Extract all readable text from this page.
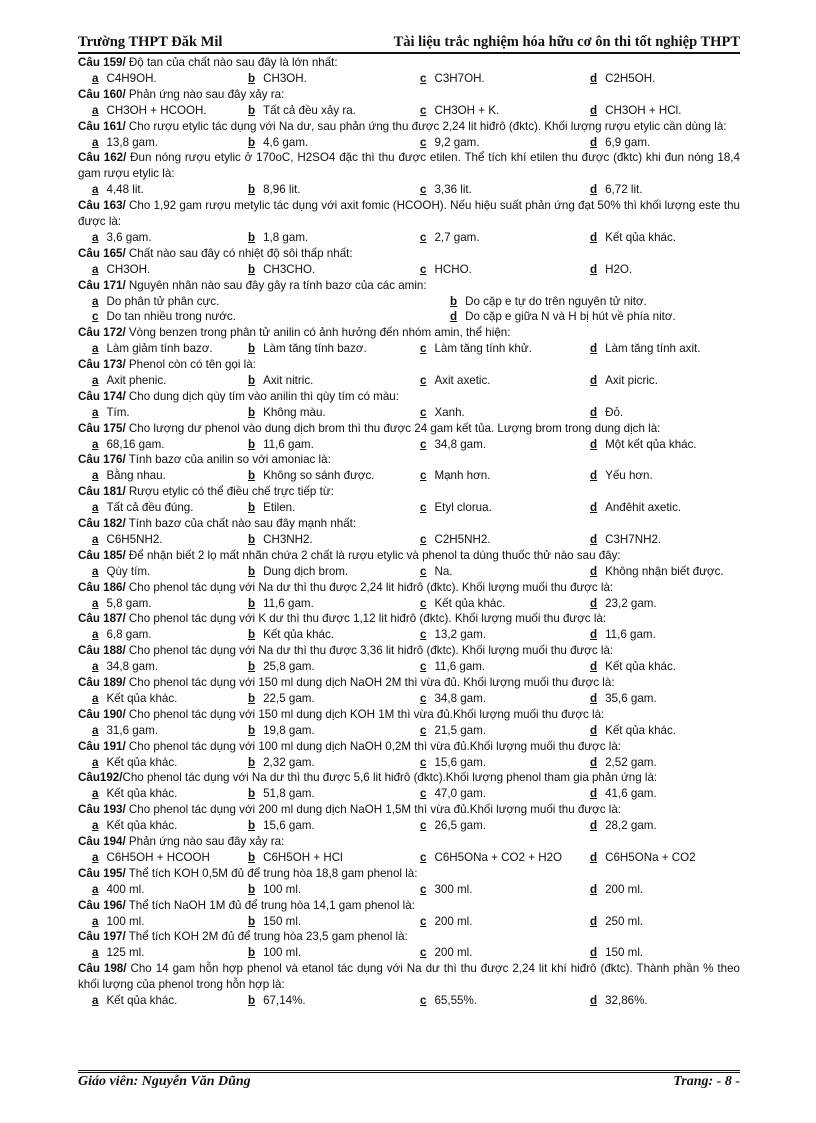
Trường THPT Đăk Mil	Tài liệu trắc nghiệm hóa hữu cơ ôn thi tốt nghiệp THPT
Câu 159/ Độ tan của chất nào sau đây là lớn nhất:
a C4H9OH.	b CH3OH.	c C3H7OH.	d C2H5OH.
Câu 160/ Phản ứng nào sau đây xảy ra:
a CH3OH + HCOOH.	b Tất cả đều xảy ra.	c CH3OH + K.	d CH3OH + HCl.
Câu 161/ Cho rượu etylic tác dụng với Na dư, sau phản ứng thu được 2,24 lit hiđrô (đktc). Khối lượng rượu etylic cần dùng là:
a 13,8 gam.	b 4,6 gam.	c 9,2 gam.	d 6,9 gam.
Câu 162/ Đun nóng rượu etylic ở 170oC, H2SO4 đặc thì thu được etilen. Thể tích khí etilen thu được (đktc) khi đun nóng 18,4 gam rượu etylic là:
a 4,48 lit.	b 8,96 lit.	c 3,36 lit.	d 6,72 lit.
Câu 163/ Cho 1,92 gam rượu metylic tác dụng với axit fomic (HCOOH). Nếu hiệu suất phản ứng đạt 50% thì khối lượng este thu được là:
a 3,6 gam.	b 1,8 gam.	c 2,7 gam.	d Kết qủa khác.
Câu 165/ Chất nào sau đây có nhiệt độ sôi thấp nhất:
a CH3OH.	b CH3CHO.	c HCHO.	d H2O.
Câu 171/ Nguyên nhân nào sau đây gây ra tính bazơ của các amin:
a Do phân tử phân cực.	b Do cặp e tự do trên nguyên tử nitơ.
c Do tan nhiều trong nước.	d Do cặp e giữa N và H bị hút về phía nitơ.
Câu 172/ Vòng benzen trong phân tử anilin có ảnh hưởng đến nhóm amin, thể hiện:
a Làm giảm tính bazơ.	b Làm tăng tính bazơ.	c Làm tăng tính khử.	d Làm tăng tính axit.
Câu 173/ Phenol còn có tên gọi là:
a Axit phenic.	b Axit nitric.	c Axit axetic.	d Axit picric.
Câu 174/ Cho dung dịch qùy tím vào anilin thì qùy tím có màu:
a Tím.	b Không màu.	c Xanh.	d Đỏ.
Câu 175/ Cho lượng dư phenol vào dung dịch brom thì thu được 24 gam kết tủa. Lượng brom trong dung dịch là:
a 68,16 gam.	b 11,6 gam.	c 34,8 gam.	d Một kết qủa khác.
Câu 176/ Tính bazơ của anilin so với amoniac là:
a Bằng nhau.	b Không so sánh được.	c Mạnh hơn.	d Yếu hơn.
Câu 181/ Rượu etylic có thể điều chế trực tiếp từ:
a Tất cả đều đúng.	b Etilen.	c Etyl clorua.	d Anđêhit axetic.
Câu 182/ Tính bazơ của chất nào sau đây mạnh nhất:
a C6H5NH2.	b CH3NH2.	c C2H5NH2.	d C3H7NH2.
Câu 185/ Để nhận biết 2 lọ mất nhãn chứa 2 chất là rượu etylic và phenol ta dùng thuốc thử nào sau đây:
a Qùy tím.	b Dung dịch brom.	c Na.	d Không nhận biết được.
Câu 186/ Cho phenol tác dụng với Na dư thì thu được 2,24 lit hiđrô (đktc). Khối lượng muối thu được là:
a 5,8 gam.	b 11,6 gam.	c Kết qủa khác.	d 23,2 gam.
Câu 187/ Cho phenol tác dụng với K dư thì thu được 1,12 lit hiđrô (đktc). Khối lượng muối thu được là:
a 6,8 gam.	b Kết qủa khác.	c 13,2 gam.	d 11,6 gam.
Câu 188/ Cho phenol tác dụng với Na dư thì thu được 3,36 lit hiđrô (đktc). Khối lượng muối thu được là:
a 34,8 gam.	b 25,8 gam.	c 11,6 gam.	d Kết qủa khác.
Câu 189/ Cho phenol tác dụng với 150 ml dung dịch NaOH 2M thì vừa đủ. Khối lượng muối thu được là:
a Kết qủa khác.	b 22,5 gam.	c 34,8 gam.	d 35,6 gam.
Câu 190/ Cho phenol tác dụng với 150 ml dung dịch KOH 1M thì vừa đủ.Khối lượng muối thu được là:
a 31,6 gam.	b 19,8 gam.	c 21,5 gam.	d Kết qủa khác.
Câu 191/ Cho phenol tác dụng với 100 ml dung dịch NaOH 0,2M thì vừa đủ.Khối lượng muối thu được là:
a Kết qủa khác.	b 2,32 gam.	c 15,6 gam.	d 2,52 gam.
Câu192/Cho phenol tác dụng với Na dư thì thu được 5,6 lit hiđrô (đktc).Khối lượng phenol tham gia phản ứng là:
a Kết qủa khác.	b 51,8 gam.	c 47,0 gam.	d 41,6 gam.
Câu 193/ Cho phenol tác dụng với 200 ml dung dịch NaOH 1,5M thì vừa đủ.Khối lượng muối thu được là:
a Kết qủa khác.	b 15,6 gam.	c 26,5 gam.	d 28,2 gam.
Câu 194/ Phản ứng nào sau đây xảy ra:
a C6H5OH + HCOOH	b C6H5OH + HCl	c C6H5ONa + CO2 + H2O	d C6H5ONa + CO2
Câu 195/ Thể tích KOH 0,5M đủ để trung hòa 18,8 gam phenol là:
a 400 ml.	b 100 ml.	c 300 ml.	d 200 ml.
Câu 196/ Thể tích NaOH 1M đủ để trung hòa 14,1 gam phenol là:
a 100 ml.	b 150 ml.	c 200 ml.	d 250 ml.
Câu 197/ Thể tích KOH 2M đủ để trung hòa 23,5 gam phenol là:
a 125 ml.	b 100 ml.	c 200 ml.	d 150 ml.
Câu 198/ Cho 14 gam hỗn hợp phenol và etanol tác dụng với Na dư thì thu được 2,24 lit khí hiđrô (đktc). Thành phần % theo khối lượng của phenol trong hỗn hợp là:
a Kết qủa khác.	b 67,14%.	c 65,55%.	d 32,86%.
Giáo viên: Nguyễn Văn Dũng	Trang: - 8 -
